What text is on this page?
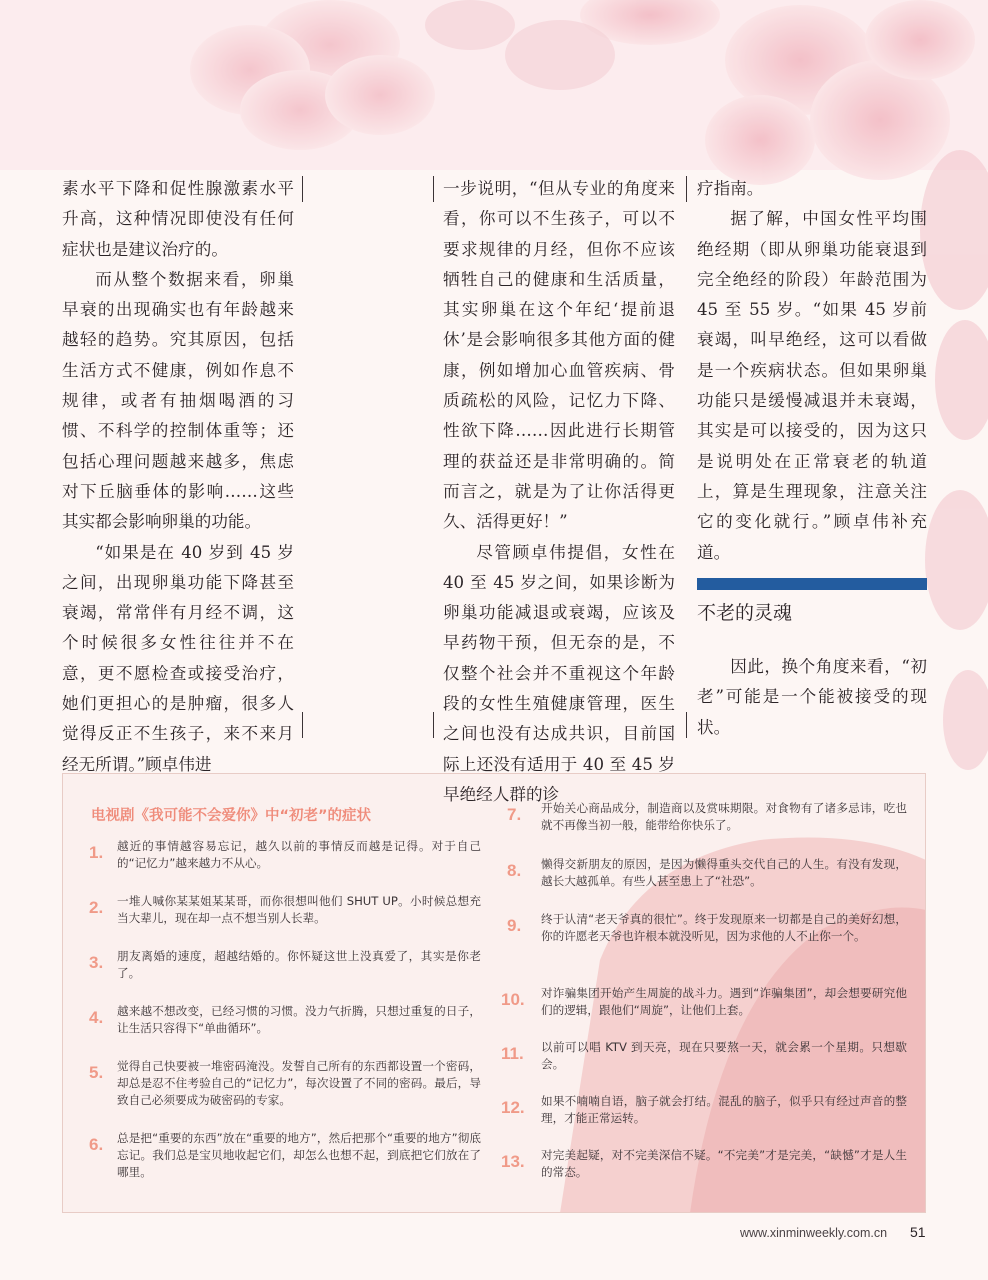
素水平下降和促性腺激素水平升高，这种情况即使没有任何症状也是建议治疗的。

而从整个数据来看，卵巢早衰的出现确实也有年龄越来越轻的趋势。究其原因，包括生活方式不健康，例如作息不规律，或者有抽烟喝酒的习惯、不科学的控制体重等；还包括心理问题越来越多，焦虑对下丘脑垂体的影响……这些其实都会影响卵巢的功能。

“如果是在 40 岁到 45 岁之间，出现卵巢功能下降甚至衰竭，常常伴有月经不调，这个时候很多女性往往并不在意，更不愿检查或接受治疗，她们更担心的是肿瘤，很多人觉得反正不生孩子，来不来月经无所谓。”顾卓伟进

一步说明，“但从专业的角度来看，你可以不生孩子，可以不要求规律的月经，但你不应该牺牲自己的健康和生活质量，其实卵巢在这个年纪‘提前退休’是会影响很多其他方面的健康，例如增加心血管疾病、骨质疏松的风险，记忆力下降、性欲下降……因此进行长期管理的获益还是非常明确的。简而言之，就是为了让你活得更久、活得更好！”

尽管顾卓伟提倡，女性在 40 至 45 岁之间，如果诊断为卵巢功能减退或衰竭，应该及早药物干预，但无奈的是，不仅整个社会并不重视这个年龄段的女性生殖健康管理，医生之间也没有达成共识，目前国际上还没有适用于 40 至 45 岁早绝经人群的诊

疗指南。

据了解，中国女性平均围绝经期（即从卵巢功能衰退到完全绝经的阶段）年龄范围为 45 至 55 岁。“如果 45 岁前衰竭，叫早绝经，这可以看做是一个疾病状态。但如果卵巢功能只是缓慢减退并未衰竭，其实是可以接受的，因为这只是说明处在正常衰老的轨道上，算是生理现象，注意关注它的变化就行。”顾卓伟补充道。

不老的灵魂

因此，换个角度来看，“初老”可能是一个能被接受的现状。

电视剧《我可能不会爱你》中“初老”的症状
1.	越近的事情越容易忘记，越久以前的事情反而越是记得。对于自己的“记忆力”越来越力不从心。
2.	一堆人喊你某某姐某某哥，而你很想叫他们 SHUT UP。小时候总想充当大辈儿，现在却一点不想当别人长辈。
3.	朋友离婚的速度，超越结婚的。你怀疑这世上没真爱了，其实是你老了。
4.	越来越不想改变，已经习惯的习惯。没力气折腾，只想过重复的日子，让生活只容得下“单曲循环”。
5.	觉得自己快要被一堆密码淹没。发誓自己所有的东西都设置一个密码，却总是忍不住考验自己的“记忆力”，每次设置了不同的密码。最后，导致自己必须要成为破密码的专家。
6.	总是把“重要的东西”放在“重要的地方”，然后把那个“重要的地方”彻底忘记。我们总是宝贝地收起它们，却怎么也想不起，到底把它们放在了哪里。
7.	开始关心商品成分，制造商以及赏味期限。对食物有了诸多忌讳，吃也就不再像当初一般，能带给你快乐了。
8.	懒得交新朋友的原因，是因为懒得重头交代自己的人生。有没有发现，越长大越孤单。有些人甚至患上了“社恐”。
9.	终于认清“老天爷真的很忙”。终于发现原来一切都是自己的美好幻想，你的许愿老天爷也许根本就没听见，因为求他的人不止你一个。
10.	对诈骗集团开始产生周旋的战斗力。遇到“诈骗集团”，却会想要研究他们的逻辑，跟他们“周旋”，让他们上套。
11.	以前可以唱 KTV 到天亮，现在只要熬一天，就会累一个星期。只想歇会。
12.	如果不喃喃自语，脑子就会打结。混乱的脑子，似乎只有经过声音的整理，才能正常运转。
13.	对完美起疑，对不完美深信不疑。“不完美”才是完美，“缺憾”才是人生的常态。
www.xinminweekly.com.cn 51
